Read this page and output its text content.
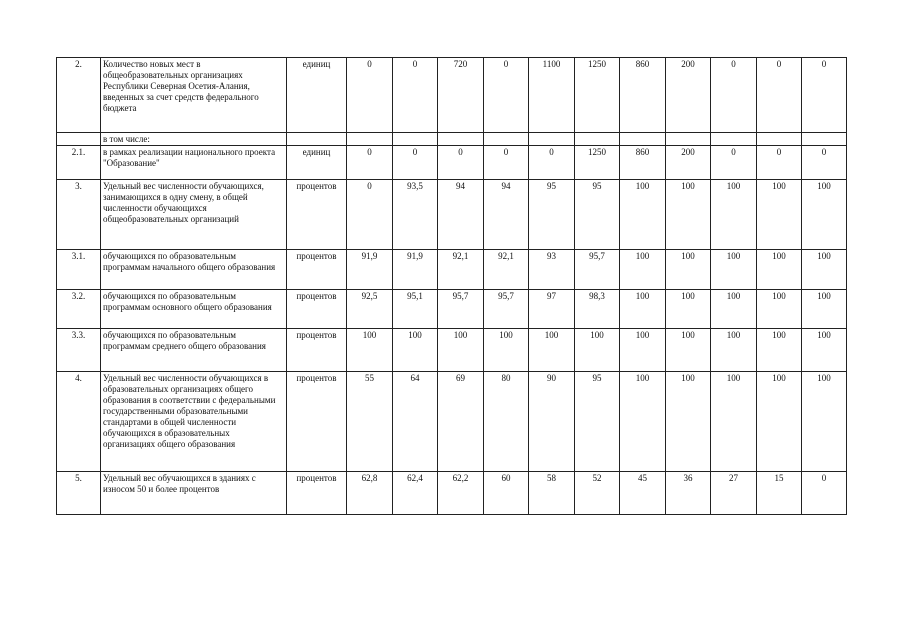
2.	Количество новых мест в общеобразовательных организациях Республики Северная Осетия-Алания, введенных за счет средств федерального бюджета	единиц	0	0	720	0	1100	1250	860	200	0	0	0
	в том числе:												
2.1.	в рамках реализации национального проекта "Образование"	единиц	0	0	0	0	0	1250	860	200	0	0	0
3.	Удельный вес численности обучающихся, занимающихся в одну смену, в общей численности обучающихся общеобразовательных организаций	процентов	0	93,5	94	94	95	95	100	100	100	100	100
3.1.	обучающихся по образовательным программам начального общего образования	процентов	91,9	91,9	92,1	92,1	93	95,7	100	100	100	100	100
3.2.	обучающихся по образовательным программам основного общего образования	процентов	92,5	95,1	95,7	95,7	97	98,3	100	100	100	100	100
3.3.	обучающихся по образовательным программам среднего общего образования	процентов	100	100	100	100	100	100	100	100	100	100	100
4.	Удельный вес численности обучающихся в образовательных организациях общего образования в соответствии с федеральными государственными образовательными стандартами в общей численности обучающихся в образовательных организациях общего образования	процентов	55	64	69	80	90	95	100	100	100	100	100
5.	Удельный вес обучающихся в зданиях с износом 50 и более процентов	процентов	62,8	62,4	62,2	60	58	52	45	36	27	15	0
